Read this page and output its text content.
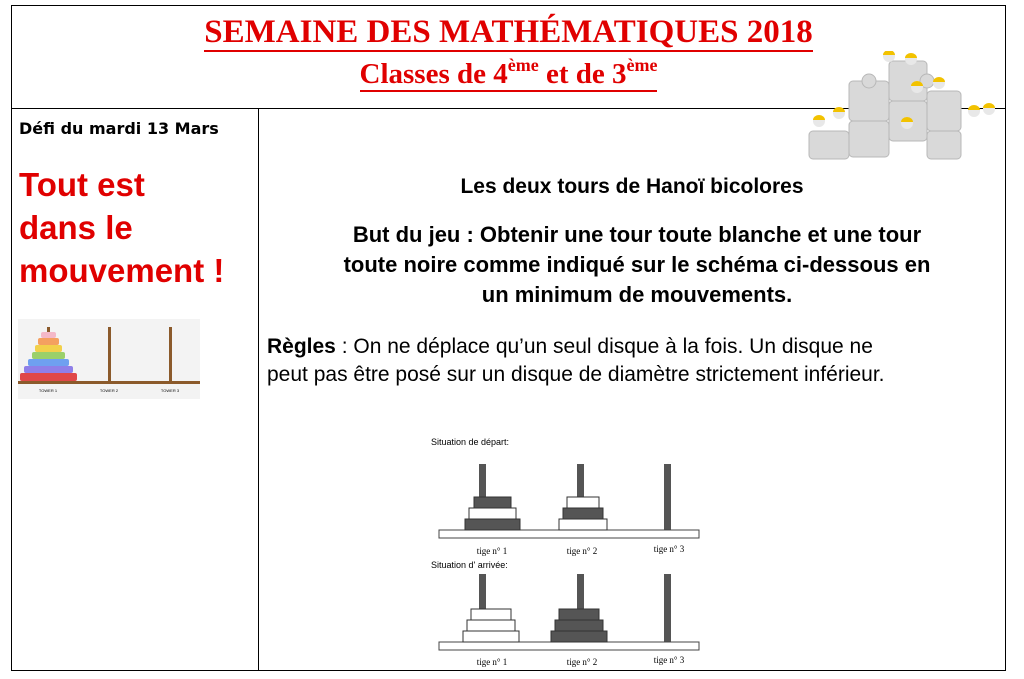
SEMAINE DES MATHÉMATIQUES 2018
Classes de 4ème et de 3ème
Défi du mardi 13 Mars
Tout est
dans le
mouvement !
TOWER 1	TOWER 2	TOWER 3
Les deux tours de Hanoï bicolores
But du jeu : Obtenir une tour toute blanche et une tour
toute noire comme indiqué sur le schéma ci-dessous en
un minimum de mouvements.
Règles : On ne déplace qu’un seul disque à la fois. Un disque ne
peut pas être posé sur un disque de diamètre strictement inférieur.
Situation de départ:
tige n° 1	tige n° 2	tige n° 3
Situation d' arrivée:
tige n° 1	tige n° 2	tige n° 3
